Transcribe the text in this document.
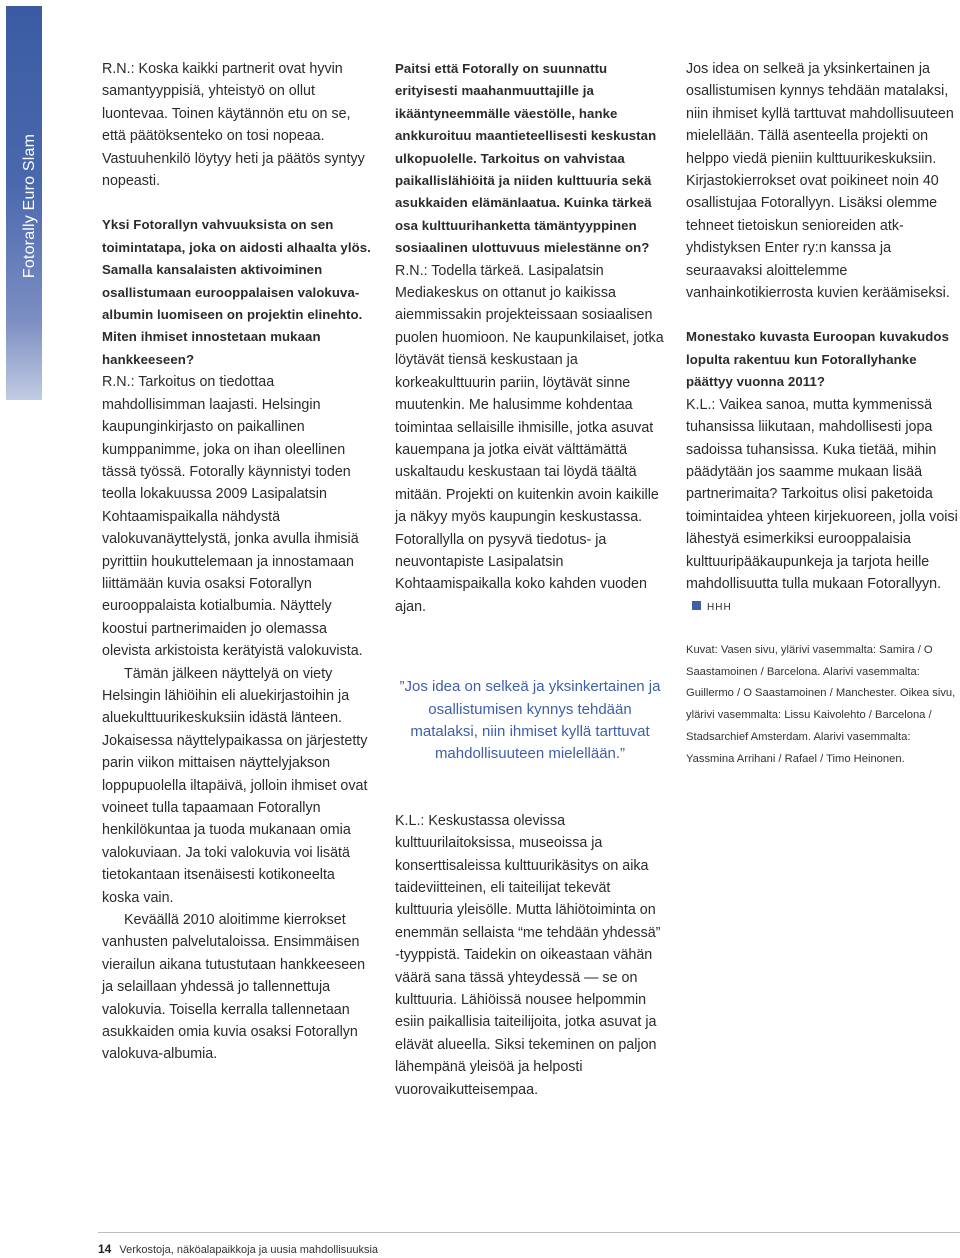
Fotorally Euro Slam

R.N.: Koska kaikki partnerit ovat hyvin samantyyppisiä, yhteistyö on ollut luontevaa. Toinen käytännön etu on se, että päätöksenteko on tosi nopeaa. Vastuuhenkilö löytyy heti ja päätös syntyy nopeasti.

Yksi Fotorallyn vahvuuksista on sen toimintatapa, joka on aidosti alhaalta ylös. Samalla kansalaisten aktivoiminen osallistumaan eurooppalaisen valokuva-albumin luomiseen on projektin elinehto. Miten ihmiset innostetaan mukaan hankkeeseen?

R.N.: Tarkoitus on tiedottaa mahdollisimman laajasti. Helsingin kaupunginkirjasto on paikallinen kumppanimme, joka on ihan oleellinen tässä työssä. Fotorally käynnistyi toden teolla lokakuussa 2009 Lasipalatsin Kohtaamispaikalla nähdystä valokuvanäyttelystä, jonka avulla ihmisiä pyrittiin houkuttelemaan ja innostamaan liittämään kuvia osaksi Fotorallyn eurooppalaista kotialbumia. Näyttely koostui partnerimaiden jo olemassa olevista arkistoista kerätyistä valokuvista.

Tämän jälkeen näyttelyä on viety Helsingin lähiöihin eli aluekirjastoihin ja aluekulttuurikeskuksiin idästä länteen. Jokaisessa näyttelypaikassa on järjestetty parin viikon mittaisen näyttelyjakson loppupuolella iltapäivä, jolloin ihmiset ovat voineet tulla tapaamaan Fotorallyn henkilökuntaa ja tuoda mukanaan omia valokuviaan. Ja toki valokuvia voi lisätä tietokantaan itsenäisesti kotikoneelta koska vain.

Keväällä 2010 aloitimme kierrokset vanhusten palvelutaloissa. Ensimmäisen vierailun aikana tutustutaan hankkeeseen ja selaillaan yhdessä jo tallennettuja valokuvia. Toisella kerralla tallennetaan asukkaiden omia kuvia osaksi Fotorallyn valokuva-albumia.

Paitsi että Fotorally on suunnattu erityisesti maahanmuuttajille ja ikääntyneemmälle väestölle, hanke ankkuroituu maantieteellisesti keskustan ulkopuolelle. Tarkoitus on vahvistaa paikallislähiöitä ja niiden kulttuuria sekä asukkaiden elämänlaatua. Kuinka tärkeä osa kulttuurihanketta tämäntyyppinen sosiaalinen ulottuvuus mielestänne on?

R.N.: Todella tärkeä. Lasipalatsin Mediakeskus on ottanut jo kaikissa aiemmissakin projekteissaan sosiaalisen puolen huomioon. Ne kaupunkilaiset, jotka löytävät tiensä keskustaan ja korkeakulttuurin pariin, löytävät sinne muutenkin. Me halusimme kohdentaa toimintaa sellaisille ihmisille, jotka asuvat kauempana ja jotka eivät välttämättä uskaltaudu keskustaan tai löydä täältä mitään. Projekti on kuitenkin avoin kaikille ja näkyy myös kaupungin keskustassa. Fotorallylla on pysyvä tiedotus- ja neuvontapiste Lasipalatsin Kohtaamispaikalla koko kahden vuoden ajan.

”Jos idea on selkeä ja yksinkertainen ja osallistumisen kynnys tehdään matalaksi, niin ihmiset kyllä tarttuvat mahdollisuuteen mielellään.”

K.L.: Keskustassa olevissa kulttuurilaitoksissa, museoissa ja konserttisaleissa kulttuurikäsitys on aika taideviitteinen, eli taiteilijat tekevät kulttuuria yleisölle. Mutta lähiötoiminta on enemmän sellaista “me tehdään yhdessä” -tyyppistä. Taidekin on oikeastaan vähän väärä sana tässä yhteydessä — se on kulttuuria. Lähiöissä nousee helpommin esiin paikallisia taiteilijoita, jotka asuvat ja elävät alueella. Siksi tekeminen on paljon lähempänä yleisöä ja helposti vuorovaikutteisempaa.

Jos idea on selkeä ja yksinkertainen ja osallistumisen kynnys tehdään matalaksi, niin ihmiset kyllä tarttuvat mahdollisuuteen mielellään. Tällä asenteella projekti on helppo viedä pieniin kulttuurikeskuksiin. Kirjastokierrokset ovat poikineet noin 40 osallistujaa Fotorallyyn. Lisäksi olemme tehneet tietoiskun senioreiden atk-yhdistyksen Enter ry:n kanssa ja seuraavaksi aloittelemme vanhainkotikierrosta kuvien keräämiseksi.

Monestako kuvasta Euroopan kuvakudos lopulta rakentuu kun Fotorallyhanke päättyy vuonna 2011?

K.L.: Vaikea sanoa, mutta kymmenissä tuhansissa liikutaan, mahdollisesti jopa sadoissa tuhansissa. Kuka tietää, mihin päädytään jos saamme mukaan lisää partnerimaita? Tarkoitus olisi paketoida toimintaidea yhteen kirjekuoreen, jolla voisi lähestyä esimerkiksi eurooppalaisia kulttuuripääkaupunkeja ja tarjota heille mahdollisuutta tulla mukaan Fotorallyyn.HHH

Kuvat: Vasen sivu, ylärivi vasemmalta: Samira / O Saastamoinen / Barcelona. Alarivi vasemmalta: Guillermo / O Saastamoinen / Manchester. Oikea sivu, ylärivi vasemmalta: Lissu Kaivolehto / Barcelona / Stadsarchief Amsterdam. Alarivi vasemmalta: Yassmina Arrihani / Rafael / Timo Heinonen.

14 Verkostoja, näköalapaikkoja ja uusia mahdollisuuksia
